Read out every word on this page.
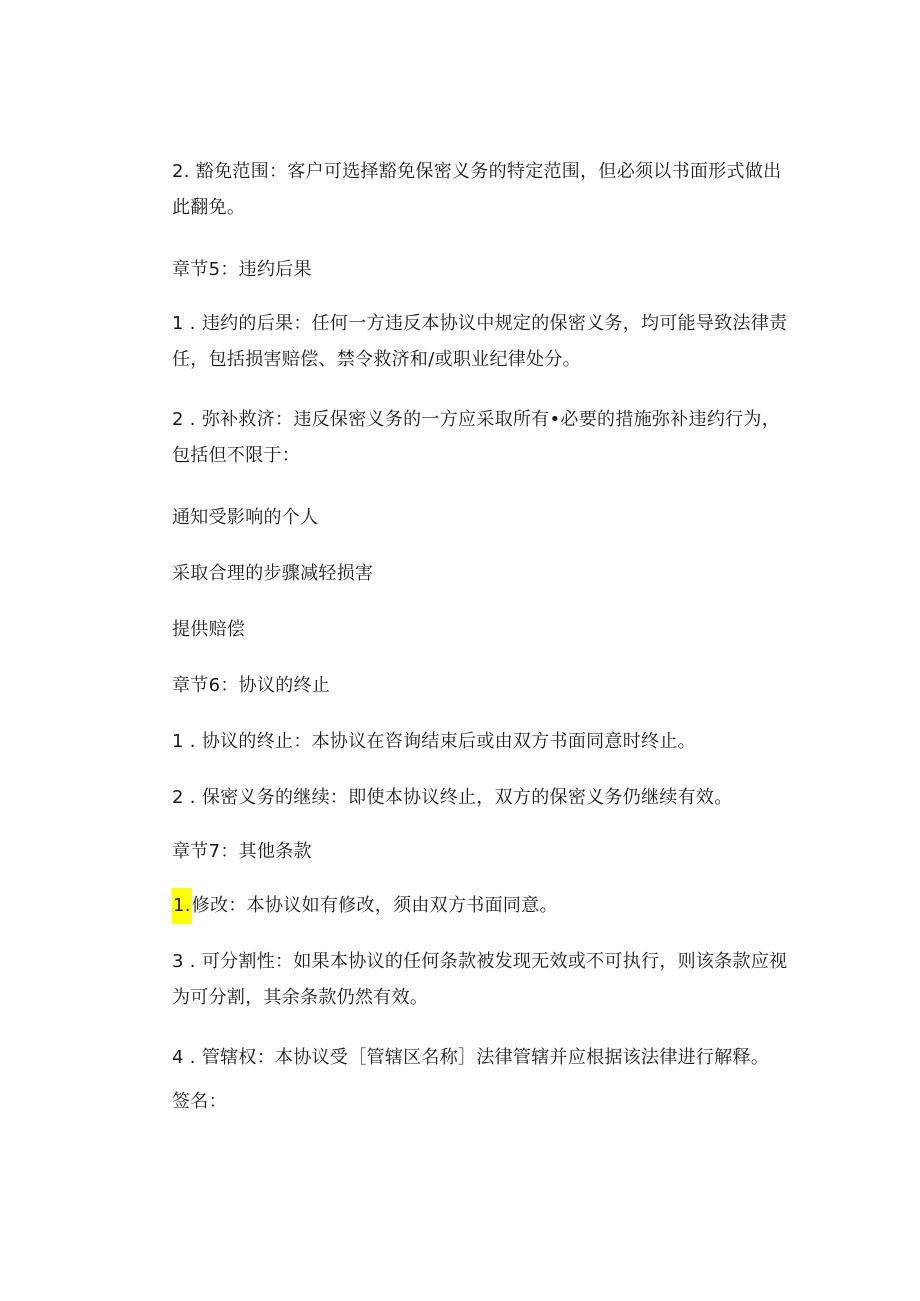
2. 豁免范围：客户可选择豁免保密义务的特定范围，但必须以书面形式做出此翻免。
章节5：违约后果
1 . 违约的后果：任何一方违反本协议中规定的保密义务，均可能导致法律责任，包括损害赔偿、禁令救济和/或职业纪律处分。
2 . 弥补救济：违反保密义务的一方应采取所有•必要的措施弥补违约行为，包括但不限于：
通知受影响的个人
采取合理的步骤减轻损害
提供赔偿
章节6：协议的终止
1 . 协议的终止：本协议在咨询结束后或由双方书面同意时终止。
2 . 保密义务的继续：即使本协议终止，双方的保密义务仍继续有效。
章节7：其他条款
1.修改：本协议如有修改，须由双方书面同意。
3 . 可分割性：如果本协议的任何条款被发现无效或不可执行，则该条款应视为可分割，其余条款仍然有效。
4 . 管辖权：本协议受［管辖区名称］法律管辖并应根据该法律进行解释。
签名：
